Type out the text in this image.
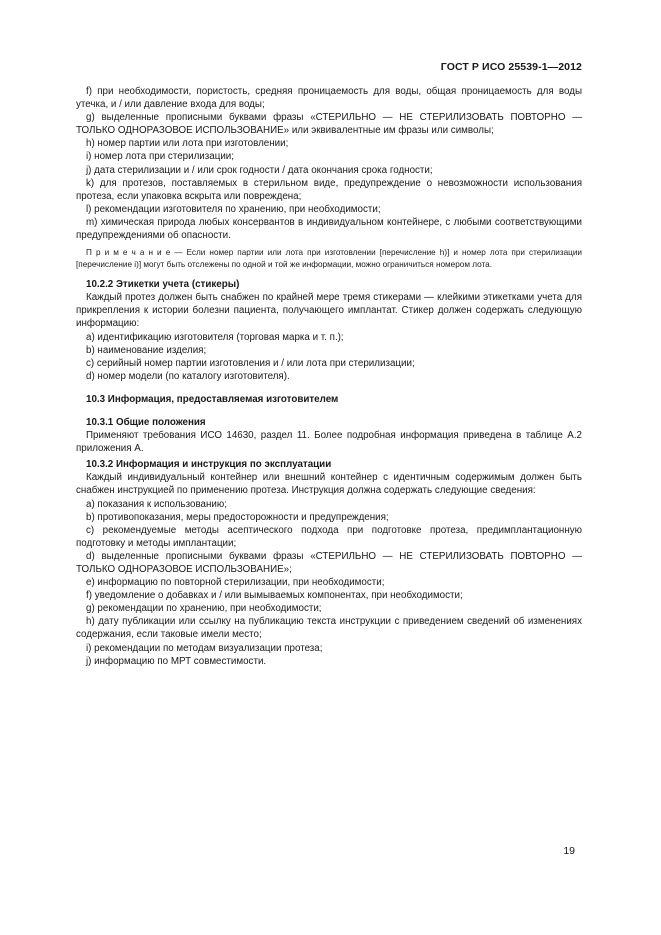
ГОСТ Р ИСО 25539-1—2012

f) при необходимости, пористость, средняя проницаемость для воды, общая проницаемость для воды утечка, и / или давление входа для воды;

g) выделенные прописными буквами фразы «СТЕРИЛЬНО — НЕ СТЕРИЛИЗОВАТЬ ПОВТОРНО — ТОЛЬКО ОДНОРАЗОВОЕ ИСПОЛЬЗОВАНИЕ» или эквивалентные им фразы или символы;

h) номер партии или лота при изготовлении;

i) номер лота при стерилизации;

j) дата стерилизации и / или срок годности / дата окончания срока годности;

k) для протезов, поставляемых в стерильном виде, предупреждение о невозможности использования протеза, если упаковка вскрыта или повреждена;

l) рекомендации изготовителя по хранению, при необходимости;

m) химическая природа любых консервантов в индивидуальном контейнере, с любыми соответствующими предупреждениями об опасности.

П р и м е ч а н и е — Если номер партии или лота при изготовлении [перечисление h)] и номер лота при стерилизации [перечисление i)] могут быть отслежены по одной и той же информации, можно ограничиться номером лота.

10.2.2 Этикетки учета (стикеры)

Каждый протез должен быть снабжен по крайней мере тремя стикерами — клейкими этикетками учета для прикрепления к истории болезни пациента, получающего имплантат. Стикер должен содержать следующую информацию:

a) идентификацию изготовителя (торговая марка и т. п.);

b) наименование изделия;

c) серийный номер партии изготовления и / или лота при стерилизации;

d) номер модели (по каталогу изготовителя).

10.3 Информация, предоставляемая изготовителем

10.3.1 Общие положения

Применяют требования ИСО 14630, раздел 11. Более подробная информация приведена в таблице А.2 приложения А.

10.3.2 Информация и инструкция по эксплуатации

Каждый индивидуальный контейнер или внешний контейнер с идентичным содержимым должен быть снабжен инструкцией по применению протеза. Инструкция должна содержать следующие сведения:

a) показания к использованию;

b) противопоказания, меры предосторожности и предупреждения;

c) рекомендуемые методы асептического подхода при подготовке протеза, предимплантационную подготовку и методы имплантации;

d) выделенные прописными буквами фразы «СТЕРИЛЬНО — НЕ СТЕРИЛИЗОВАТЬ ПОВТОРНО — ТОЛЬКО ОДНОРАЗОВОЕ ИСПОЛЬЗОВАНИЕ»;

e) информацию по повторной стерилизации, при необходимости;

f) уведомление о добавках и / или вымываемых компонентах, при необходимости;

g) рекомендации по хранению, при необходимости;

h) дату публикации или ссылку на публикацию текста инструкции с приведением сведений об изменениях содержания, если таковые имели место;

i) рекомендации по методам визуализации протеза;

j) информацию по МРТ совместимости.

19
